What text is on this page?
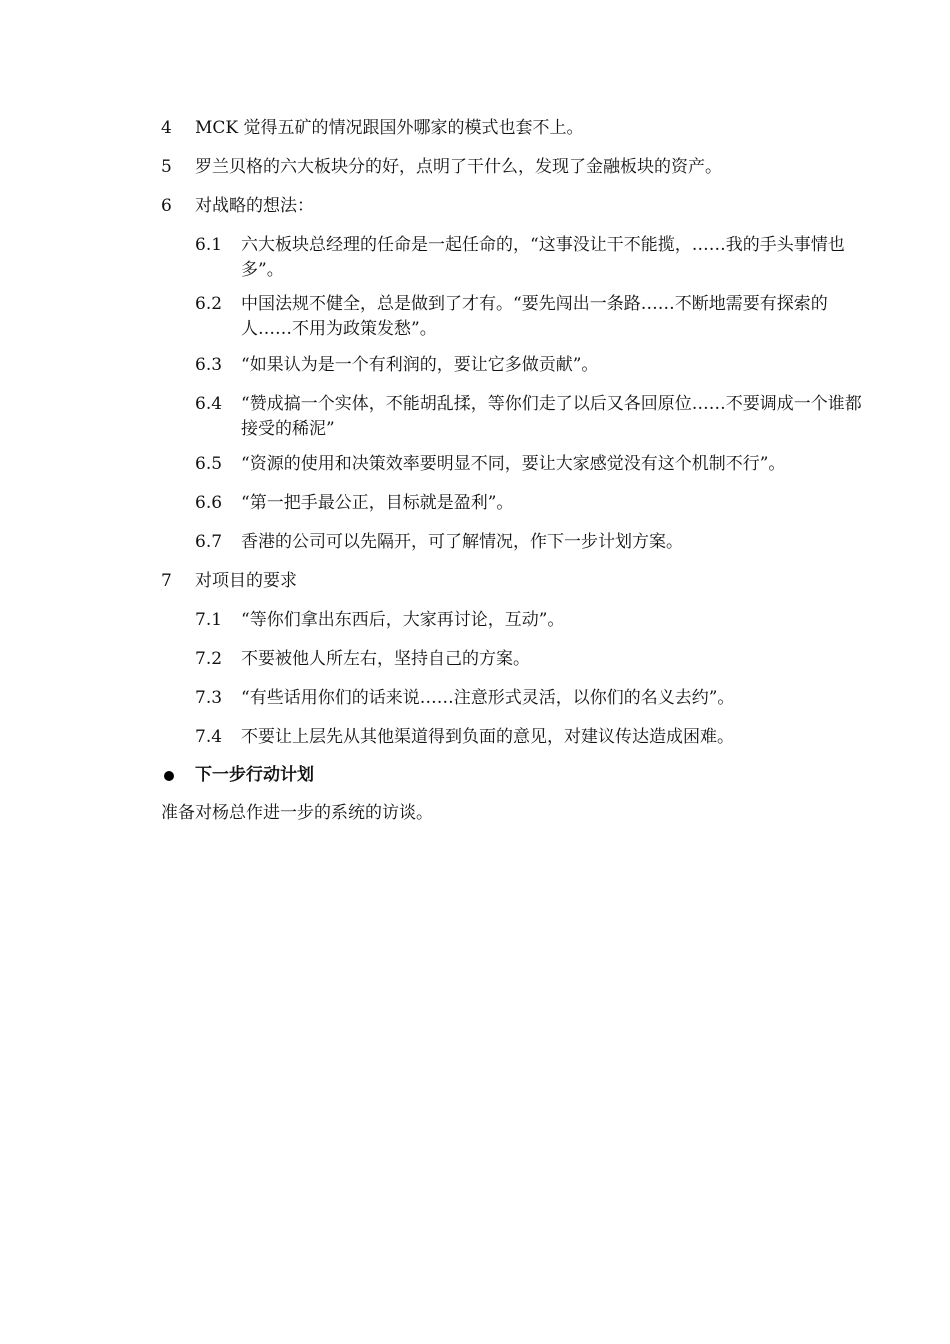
4 MCK 觉得五矿的情况跟国外哪家的模式也套不上。
5 罗兰贝格的六大板块分的好，点明了干什么，发现了金融板块的资产。
6 对战略的想法：
6.1 六大板块总经理的任命是一起任命的，“这事没让干不能揽，……我的手头事情也多”。
6.2 中国法规不健全，总是做到了才有。“要先闯出一条路……不断地需要有探索的人……不用为政策发愁”。
6.3 “如果认为是一个有利润的，要让它多做贡献”。
6.4 “赞成搞一个实体，不能胡乱揉，等你们走了以后又各回原位……不要调成一个谁都接受的稀泥”
6.5 “资源的使用和决策效率要明显不同，要让大家感觉没有这个机制不行”。
6.6 “第一把手最公正，目标就是盈利”。
6.7 香港的公司可以先隔开，可了解情况，作下一步计划方案。
7 对项目的要求
7.1 “等你们拿出东西后，大家再讨论，互动”。
7.2 不要被他人所左右，坚持自己的方案。
7.3 “有些话用你们的话来说……注意形式灵活，以你们的名义去约”。
7.4 不要让上层先从其他渠道得到负面的意见，对建议传达造成困难。
下一步行动计划
准备对杨总作进一步的系统的访谈。
